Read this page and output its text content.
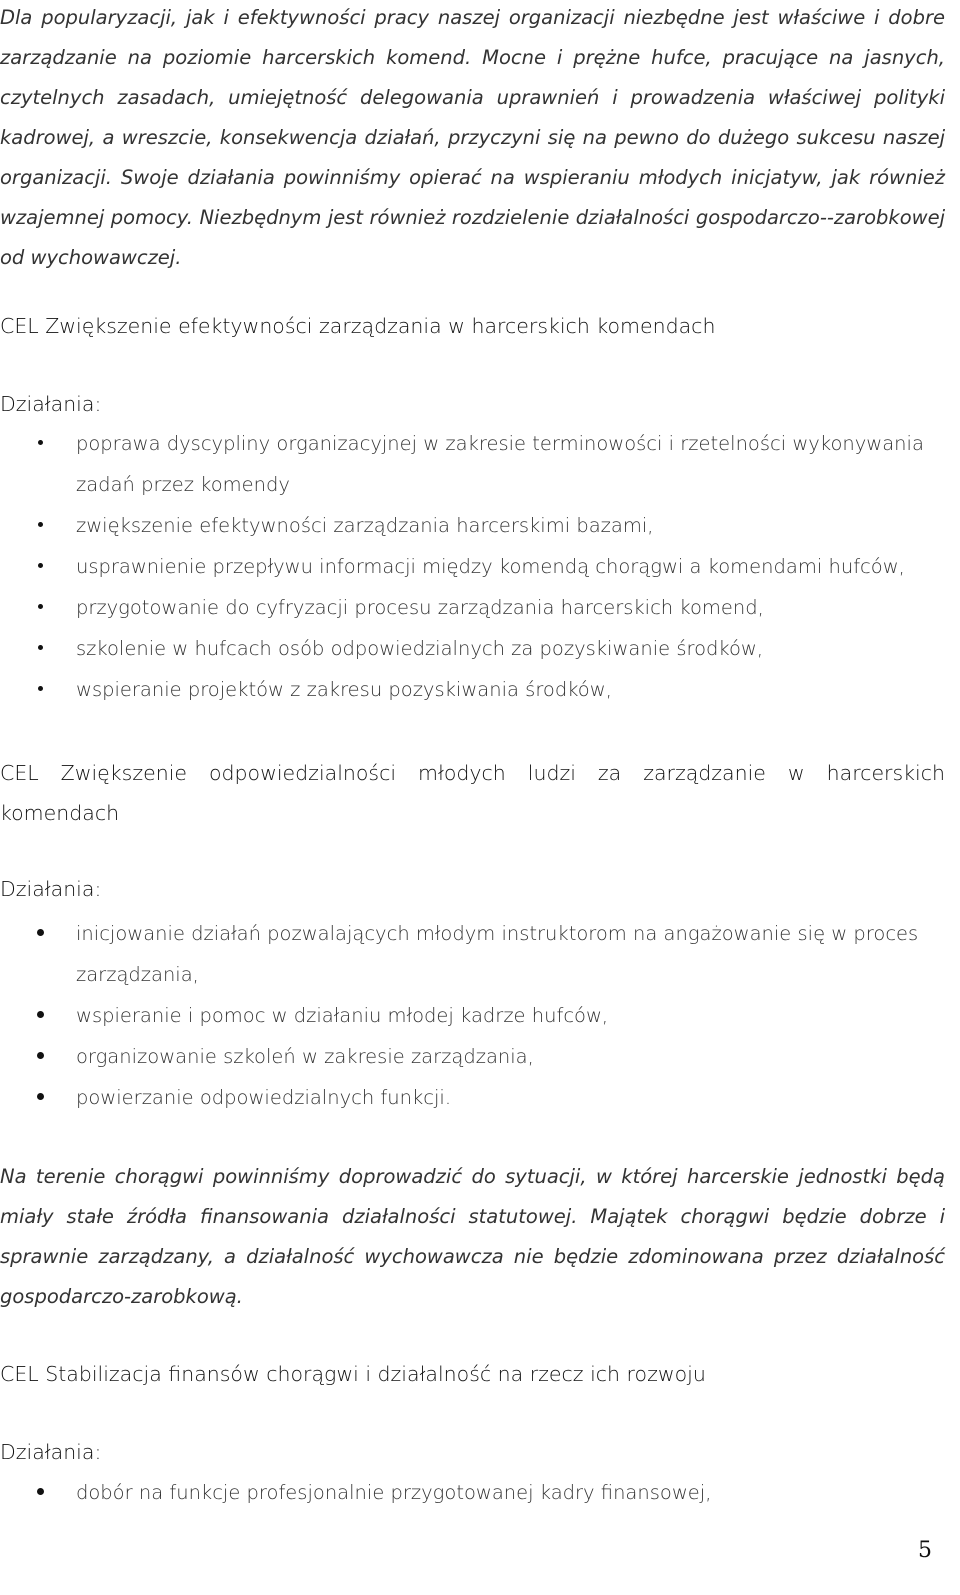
Dla popularyzacji, jak i efektywności pracy naszej organizacji niezbędne jest właściwe i dobre zarządzanie na poziomie harcerskich komend. Mocne i prężne hufce, pracujące na jasnych, czytelnych zasadach, umiejętność delegowania uprawnień i prowadzenia właściwej polityki kadrowej, a wreszcie, konsekwencja działań, przyczyni się na pewno do dużego sukcesu naszej organizacji. Swoje działania powinniśmy opierać na wspieraniu młodych inicjatyw, jak również wzajemnej pomocy. Niezbędnym jest również rozdzielenie działalności gospodarczo--zarobkowej od wychowawczej.

CEL Zwiększenie efektywności zarządzania w harcerskich komendach

Działania:

poprawa dyscypliny organizacyjnej w zakresie terminowości i rzetelności wykonywania zadań przez komendy
zwiększenie efektywności zarządzania harcerskimi bazami,
usprawnienie przepływu informacji między komendą chorągwi a komendami hufców,
przygotowanie do cyfryzacji procesu zarządzania harcerskich komend,
szkolenie w hufcach osób odpowiedzialnych za pozyskiwanie środków,
wspieranie projektów z zakresu pozyskiwania środków,

CEL Zwiększenie odpowiedzialności młodych ludzi za zarządzanie w harcerskich komendach

Działania:

inicjowanie działań pozwalających młodym instruktorom na angażowanie się w proces zarządzania,
wspieranie i pomoc w działaniu młodej kadrze hufców,
organizowanie szkoleń w zakresie zarządzania,
powierzanie odpowiedzialnych funkcji.

Na terenie chorągwi powinniśmy doprowadzić do sytuacji, w której harcerskie jednostki będą miały stałe źródła finansowania działalności statutowej. Majątek chorągwi będzie dobrze i sprawnie zarządzany, a działalność wychowawcza nie będzie zdominowana przez działalność gospodarczo-zarobkową.

CEL Stabilizacja finansów chorągwi i działalność na rzecz ich rozwoju

Działania:

dobór na funkcje profesjonalnie przygotowanej kadry finansowej,
5
